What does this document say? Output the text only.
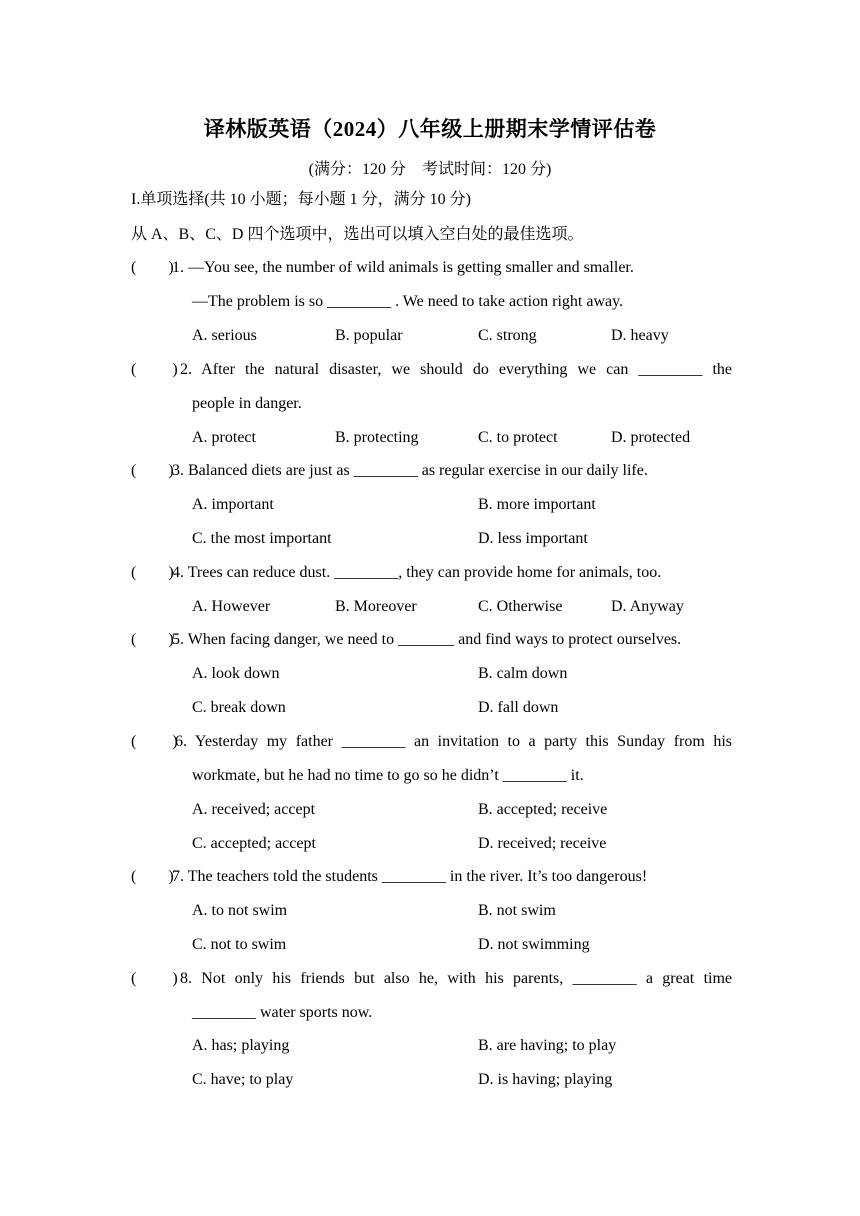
译林版英语（2024）八年级上册期末学情评估卷
(满分：120 分　考试时间：120 分)
I.单项选择(共 10 小题；每小题 1 分，满分 10 分)
从 A、B、C、D 四个选项中，选出可以填入空白处的最佳选项。
(　　)
1. —You see, the number of wild animals is getting smaller and smaller.
—The problem is so ________ . We need to take action right away.
A. serious	B. popular	C. strong	D. heavy
(　　 ) 2. After the natural disaster, we should do everything we can ________ the
people in danger.
A. protect	B. protecting	C. to protect	D. protected
(　　)
3. Balanced diets are just as ________ as regular exercise in our daily life.
A. important	B. more important
C. the most important	D. less important
(　　)
4. Trees can reduce dust. ________, they can provide home for animals, too.
A. However	B. Moreover	C. Otherwise	D. Anyway
(　　)
5. When facing danger, we need to _______ and find ways to protect ourselves.
A. look down	B. calm down
C. break down	D. fall down
(　　 )
6. Yesterday my father ________ an invitation to a party this Sunday from his
workmate, but he had no time to go so he didn’t ________ it.
A. received; accept	B. accepted; receive
C. accepted; accept	D. received; receive
(　　)
7. The teachers told the students ________ in the river. It’s too dangerous!
A. to not swim	B. not swim
C. not to swim	D. not swimming
(　　 ) 8. Not only his friends but also he, with his parents, ________ a great time
________ water sports now.
A. has; playing	B. are having; to play
C. have; to play	D. is having; playing
